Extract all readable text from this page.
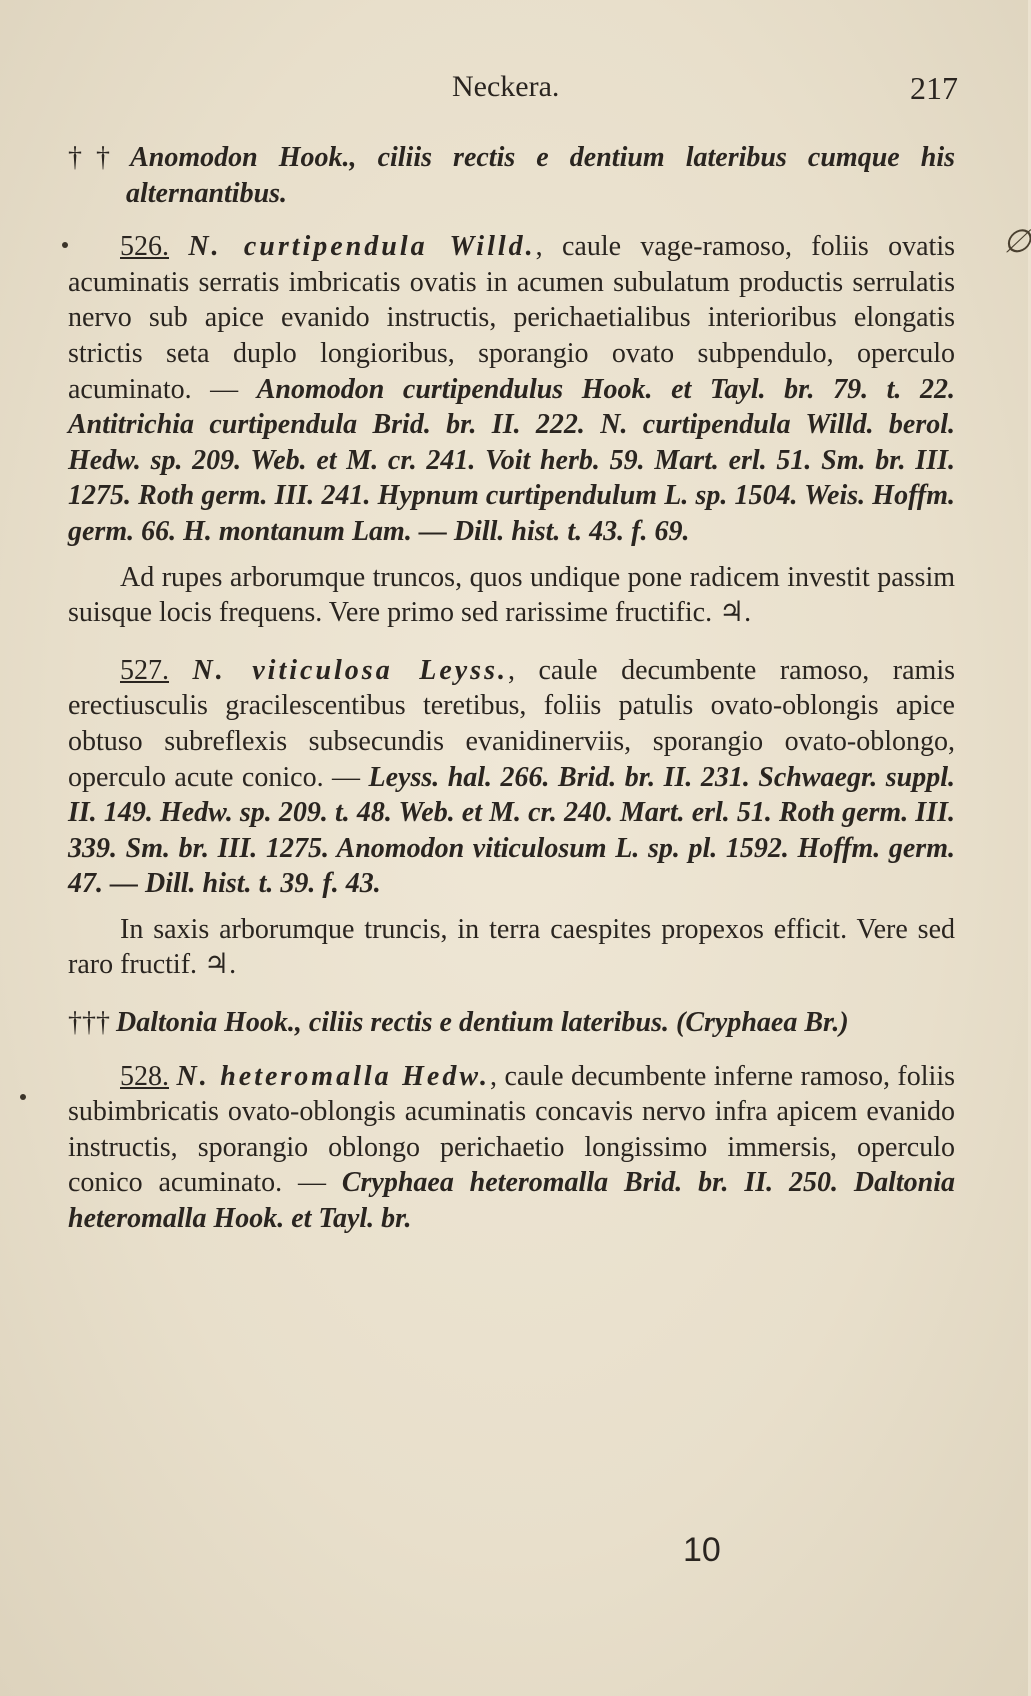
Neckera.	217

†† Anomodon Hook., ciliis rectis e dentium lateribus cumque his alternantibus.

526. N. curtipendula Willd., caule vage-ramoso, foliis ovatis acuminatis serratis imbricatis ovatis in acumen subulatum productis serrulatis nervo sub apice evanido instructis, perichaetialibus interioribus elongatis strictis seta duplo longioribus, sporangio ovato subpendulo, operculo acuminato. — Anomodon curtipendulus Hook. et Tayl. br. 79. t. 22. Antitrichia curtipendula Brid. br. II. 222. N. curtipendula Willd. berol. Hedw. sp. 209. Web. et M. cr. 241. Voit herb. 59. Mart. erl. 51. Sm. br. III. 1275. Roth germ. III. 241. Hypnum curtipendulum L. sp. 1504. Weis. Hoffm. germ. 66. H. montanum Lam. — Dill. hist. t. 43. f. 69.

Ad rupes arborumque truncos, quos undique pone radicem investit passim suisque locis frequens. Vere primo sed rarissime fructific. ♃.

527. N. viticulosa Leyss., caule decumbente ramoso, ramis erectiusculis gracilescentibus teretibus, foliis patulis ovato-oblongis apice obtuso subreflexis subsecundis evanidinerviis, sporangio ovato-oblongo, operculo acute conico. — Leyss. hal. 266. Brid. br. II. 231. Schwaegr. suppl. II. 149. Hedw. sp. 209. t. 48. Web. et M. cr. 240. Mart. erl. 51. Roth germ. III. 339. Sm. br. III. 1275. Anomodon viticulosum L. sp. pl. 1592. Hoffm. germ. 47. — Dill. hist. t. 39. f. 43.

In saxis arborumque truncis, in terra caespites propexos efficit. Vere sed raro fructif. ♃.

††† Daltonia Hook., ciliis rectis e dentium lateribus. (Cryphaea Br.)

528. N. heteromalla Hedw., caule decumbente inferne ramoso, foliis subimbricatis ovato-oblongis acuminatis concavis nervo infra apicem evanido instructis, sporangio oblongo perichaetio longissimo immersis, operculo conico acuminato. — Cryphaea heteromalla Brid. br. II. 250. Daltonia heteromalla Hook. et Tayl. br.

10
∅
